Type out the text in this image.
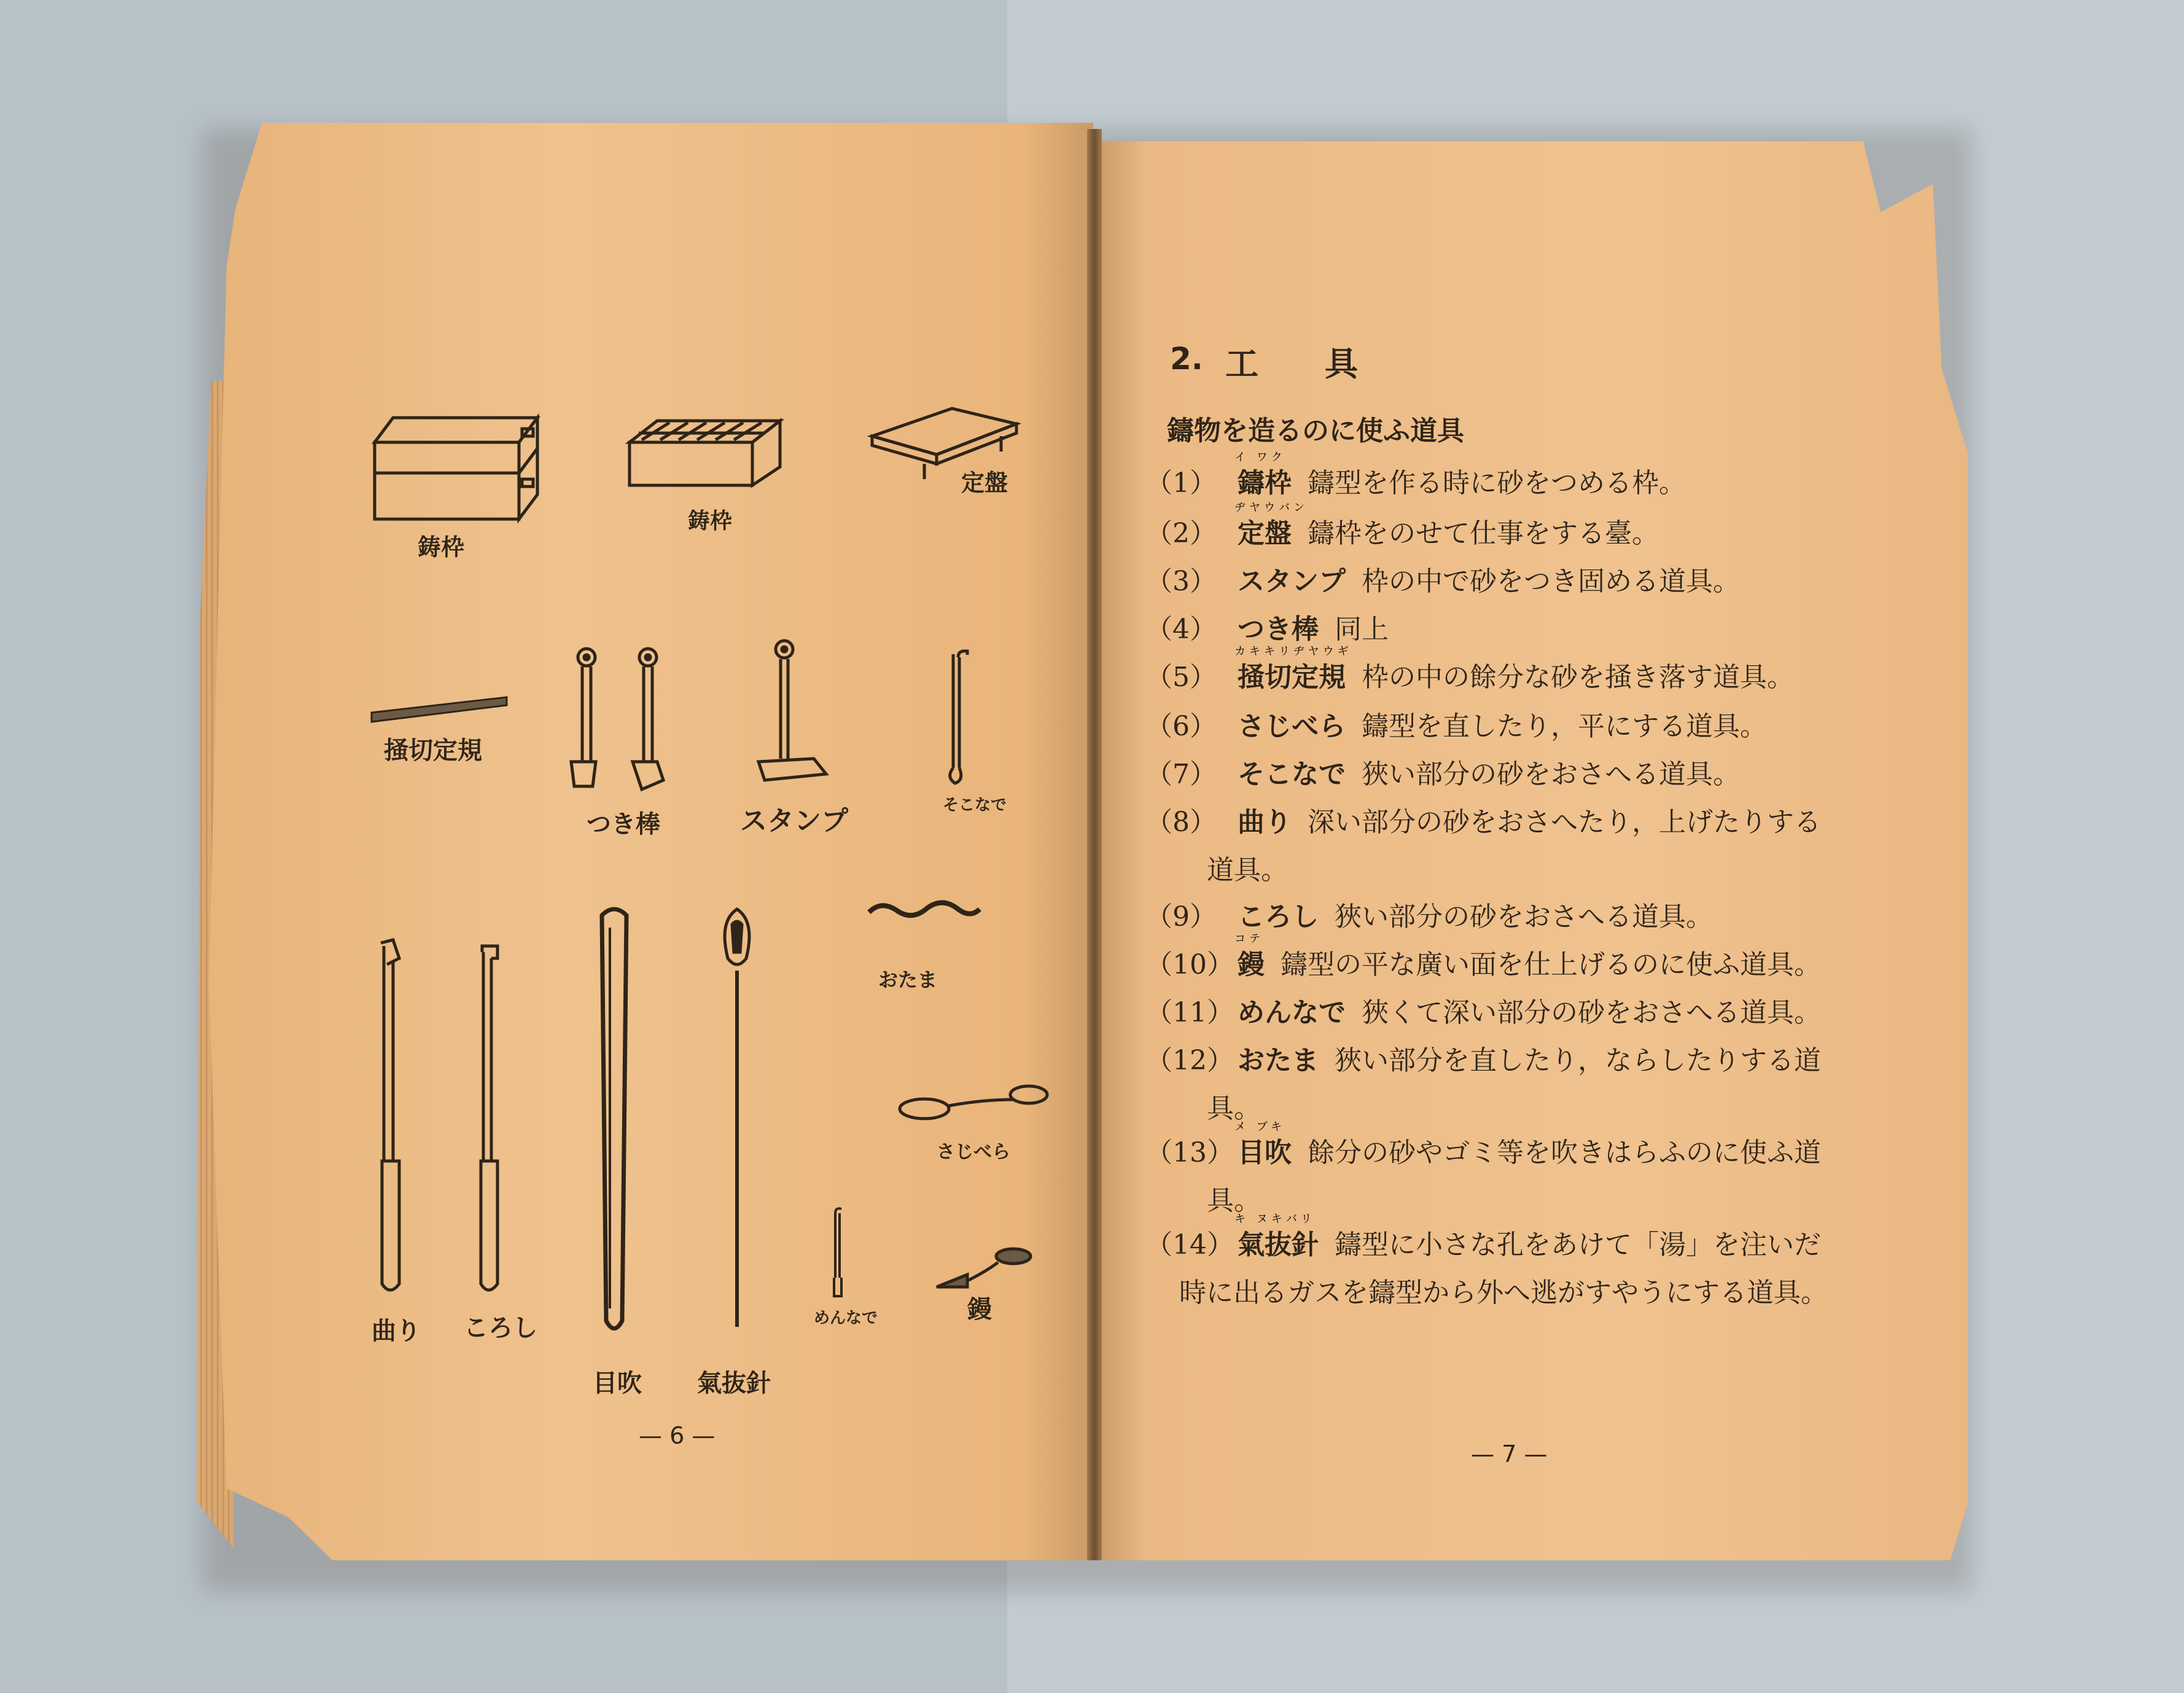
鋳枠
鋳枠
定盤
掻切定規
つき棒	スタンプ	そこなで
おたま
さじべら
曲り ころし
目吹 氣抜針
めんなで	鏝
— 6 —
2. 工　　具
鑄物を造るのに使ふ道具
（1） 鑄枠 鑄型を作る時に砂をつめる枠。
イ ワク
（2） 定盤 鑄枠をのせて仕事をする臺。
ヂヤウバン
（3） スタンプ 枠の中で砂をつき固める道具。
（4） つき棒 同上
（5） 掻切定規 枠の中の餘分な砂を掻き落す道具。
カキキリヂヤウギ
（6） さじべら 鑄型を直したり，平にする道具。
（7） そこなで 狹い部分の砂をおさへる道具。
（8） 曲り 深い部分の砂をおさへたり，上げたりする
道具。
（9） ころし 狹い部分の砂をおさへる道具。
（10） 鏝 鑄型の平な廣い面を仕上げるのに使ふ道具。
コテ
（11） めんなで 狹くて深い部分の砂をおさへる道具。
（12） おたま 狹い部分を直したり，ならしたりする道
具。
（13） 目吹 餘分の砂やゴミ等を吹きはらふのに使ふ道
メ ブキ
具。
（14） 氣抜針 鑄型に小さな孔をあけて「湯」を注いだ
キ ヌキバリ
時に出るガスを鑄型から外へ逃がすやうにする道具。
— 7 —
